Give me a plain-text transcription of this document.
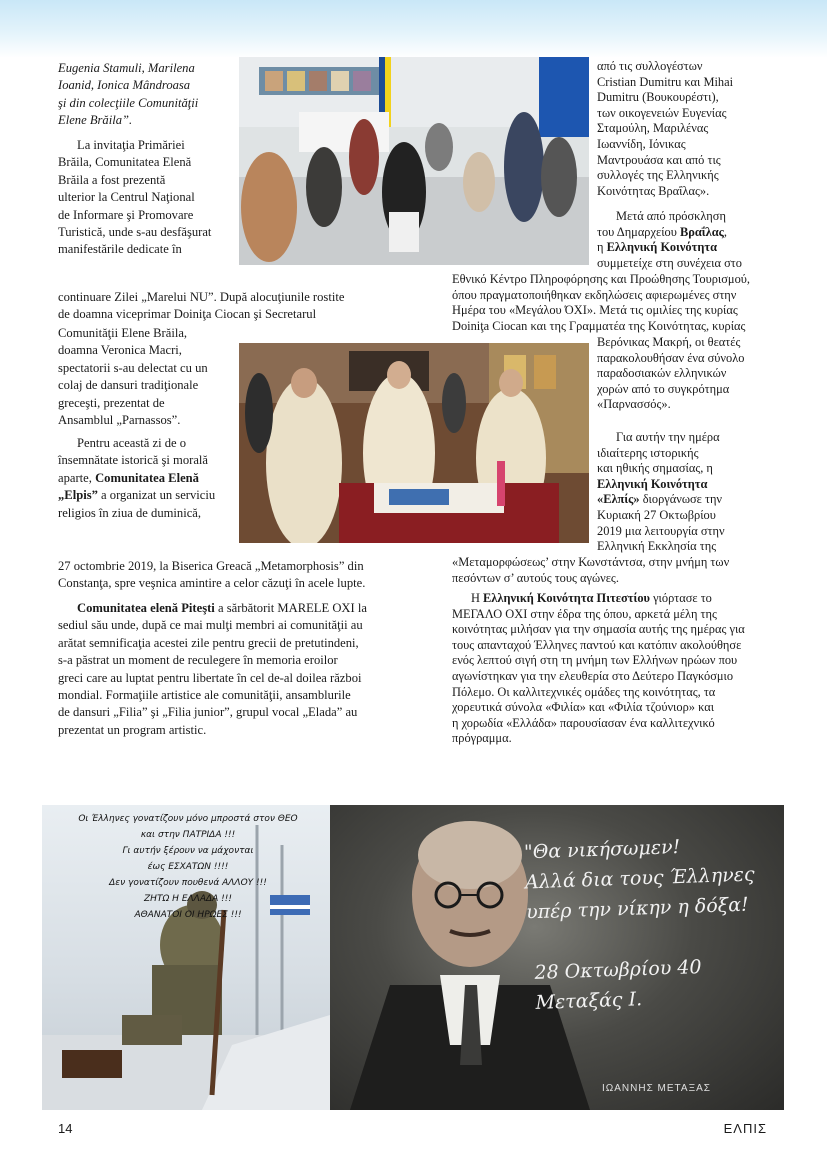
Eugenia Stamuli, Marilena
Ioanid, Ionica Mândroasa
şi din colecţiile Comunităţii
Elene Brăila”.
La invitaţia Primăriei
Brăila, Comunitatea Elenă
Brăila a fost prezentă
ulterior la Centrul Naţional
de Informare şi Promovare
Turistică, unde s-au desfăşurat
manifestările dedicate în
continuare Zilei „Marelui NU”. După alocuţiunile rostite
de doamna viceprimar Doiniţa Ciocan şi Secretarul
Comunităţii Elene Brăila,
doamna Veronica Macri,
spectatorii s-au delectat cu un
colaj de dansuri tradiţionale
greceşti, prezentat de
Ansamblul „Parnassos”.
Pentru această zi de o
însemnătate istorică şi morală
aparte, Comunitatea Elenă
„Elpis” a organizat un serviciu
religios în ziua de duminică,
27 octombrie 2019, la Biserica Greacă „Metamorphosis” din
Constanţa, spre veşnica amintire a celor căzuţi în acele lupte.
Comunitatea elenă Piteşti a sărbătorit MARELE OXI la
sediul său unde, după ce mai mulţi membri ai comunităţii au
arătat semnificaţia acestei zile pentru grecii de pretutindeni,
s-a păstrat un moment de reculegere în memoria eroilor
greci care au luptat pentru libertate în cel de-al doilea război
mondial. Formaţiile artistice ale comunităţii, ansamblurile
de dansuri „Filia” şi „Filia junior”, grupul vocal „Elada” au
prezentat un program artistic.
από τις συλλογέστων
Cristian Dumitru και Mihai
Dumitru (Βουκουρέστι),
των οικογενειών Ευγενίας
Σταμούλη, Μαριλένας
Ιωαννίδη, Ιόνικας
Μαντρουάσα και από τις
συλλογές της Ελληνικής
Κοινότητας Βραΐλας».
Μετά από πρόσκληση
του Δημαρχείου Βραΐλας,
η Ελληνική Κοινότητα
συμμετείχε στη συνέχεια στο
Εθνικό Κέντρο Πληροφόρησης και Προώθησης Τουρισμού,
όπου πραγματοποιήθηκαν εκδηλώσεις αφιερωμένες στην
Ημέρα του «Μεγάλου ΌΧΙ». Μετά τις ομιλίες της κυρίας
Doiniţa Ciocan και της Γραμματέα της Κοινότητας, κυρίας
Βερόνικας Μακρή, οι θεατές
παρακολουθήσαν ένα σύνολο
παραδοσιακών ελληνικών
χορών από το συγκρότημα
«Παρνασσός».
Για αυτήν την ημέρα
ιδιαίτερης ιστορικής
και ηθικής σημασίας, η
Ελληνική Κοινότητα
«Ελπίς» διοργάνωσε την
Κυριακή 27 Οκτωβρίου
2019 μια λειτουργία στην
Ελληνική Εκκλησία της
«Μεταμορφώσεως’ στην Κωνστάντσα, στην μνήμη των
πεσόντων σ’ αυτούς τους αγώνες.
Η Ελληνική Κοινότητα Πιτεστίου γιόρτασε το
ΜΕΓΑΛΟ ΟΧΙ στην έδρα της όπου, αρκετά μέλη της
κοινότητας μιλήσαν για την σημασία αυτής της ημέρας για
τους απανταχού Έλληνες παντού και κατόπιν ακολούθησε
ενός λεπτού σιγή στη τη μνήμη των Ελλήνων ηρώων που
αγωνίστηκαν για την ελευθερία στο Δεύτερο Παγκόσμιο
Πόλεμο. Οι καλλιτεχνικές ομάδες της κοινότητας, τα
χορευτικά σύνολα «Φιλία» και «Φιλία τζούνιορ» και
η χορωδία «Ελλάδα» παρουσίασαν ένα καλλιτεχνικό
πρόγραμμα.
Οι Έλληνες γονατίζουν μόνο μπροστά στον ΘΕΟ
και στην ΠΑΤΡΙΔΑ !!!
Γι αυτήν ξέρουν να μάχονται
έως ΕΣΧΑΤΩΝ !!!!
Δεν γονατίζουν πουθενά ΑΛΛΟΥ !!!
ΖΗΤΩ Η ΕΛΛΑΔΑ !!!
ΑΘΑΝΑΤΟΙ ΟΙ ΗΡΩΕΣ !!!
"Θα νικήσωμεν!
Αλλά δια τους Έλληνες
υπέρ την νίκην η δόξα!
28 Οκτωβρίου 40
Μεταξάς Ι.
ΙΩΑΝΝΗΣ ΜΕΤΑΞΑΣ
14	ΕΛΠΙΣ
